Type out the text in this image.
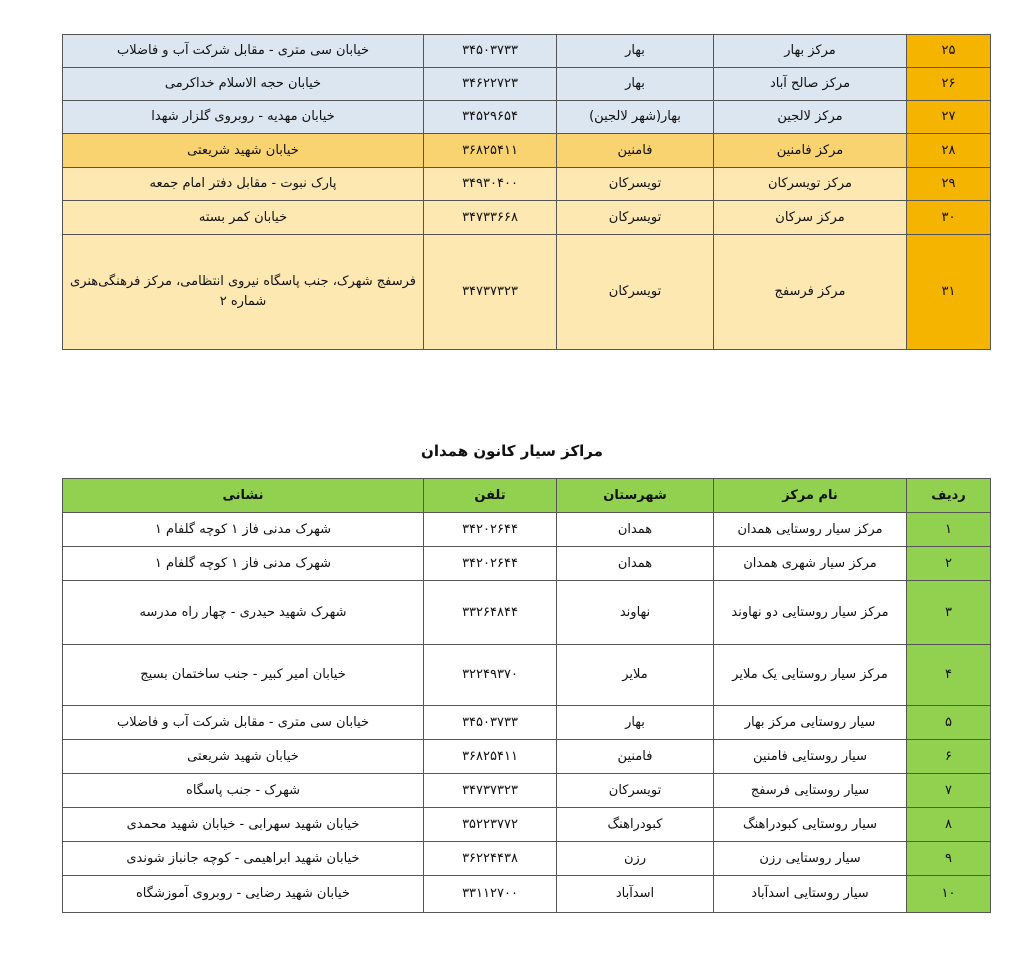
۲۵	مرکز بهار	بهار	۳۴۵۰۳۷۳۳	خیابان سی متری - مقابل شرکت آب و فاضلاب
۲۶	مرکز صالح آباد	بهار	۳۴۶۲۲۷۲۳	خیابان حجه الاسلام خداکرمی
۲۷	مرکز لالجین	بهار(شهر لالجین)	۳۴۵۲۹۶۵۴	خیابان مهدیه - روبروی گلزار شهدا
۲۸	مرکز فامنین	فامنین	۳۶۸۲۵۴۱۱	خیابان شهید شریعتی
۲۹	مرکز تویسرکان	تویسرکان	۳۴۹۳۰۴۰۰	پارک نبوت - مقابل دفتر امام جمعه
۳۰	مرکز سرکان	تویسرکان	۳۴۷۳۳۶۶۸	خیابان کمر بسته
۳۱	مرکز فرسفج	تویسرکان	۳۴۷۳۷۳۲۳	فرسفج شهرک، جنب پاسگاه نیروی انتظامی، مرکز فرهنگی‌هنری شماره ۲
مراکز سیار کانون همدان
ردیف	نام مرکز	شهرستان	تلفن	نشانی
۱	مرکز سیار روستایی همدان	همدان	۳۴۲۰۲۶۴۴	شهرک مدنی فاز ۱ کوچه گلفام ۱
۲	مرکز سیار شهری همدان	همدان	۳۴۲۰۲۶۴۴	شهرک مدنی فاز ۱ کوچه گلفام ۱
۳	مرکز سیار روستایی دو نهاوند	نهاوند	۳۳۲۶۴۸۴۴	شهرک شهید حیدری - چهار راه مدرسه
۴	مرکز سیار روستایی یک ملایر	ملایر	۳۲۲۴۹۳۷۰	خیابان امیر کبیر - جنب ساختمان بسیج
۵	سیار روستایی مرکز بهار	بهار	۳۴۵۰۳۷۳۳	خیابان سی متری - مقابل شرکت آب و فاضلاب
۶	سیار روستایی فامنین	فامنین	۳۶۸۲۵۴۱۱	خیابان شهید شریعتی
۷	سیار روستایی فرسفج	تویسرکان	۳۴۷۳۷۳۲۳	شهرک - جنب پاسگاه
۸	سیار روستایی کبودراهنگ	کبودراهنگ	۳۵۲۲۳۷۷۲	خیابان شهید سهرابی - خیابان شهید محمدی
۹	سیار روستایی رزن	رزن	۳۶۲۲۴۴۳۸	خیابان شهید ابراهیمی - کوچه جانباز شوندی
۱۰	سیار روستایی اسدآباد	اسدآباد	۳۳۱۱۲۷۰۰	خیابان شهید رضایی - روبروی آموزشگاه
